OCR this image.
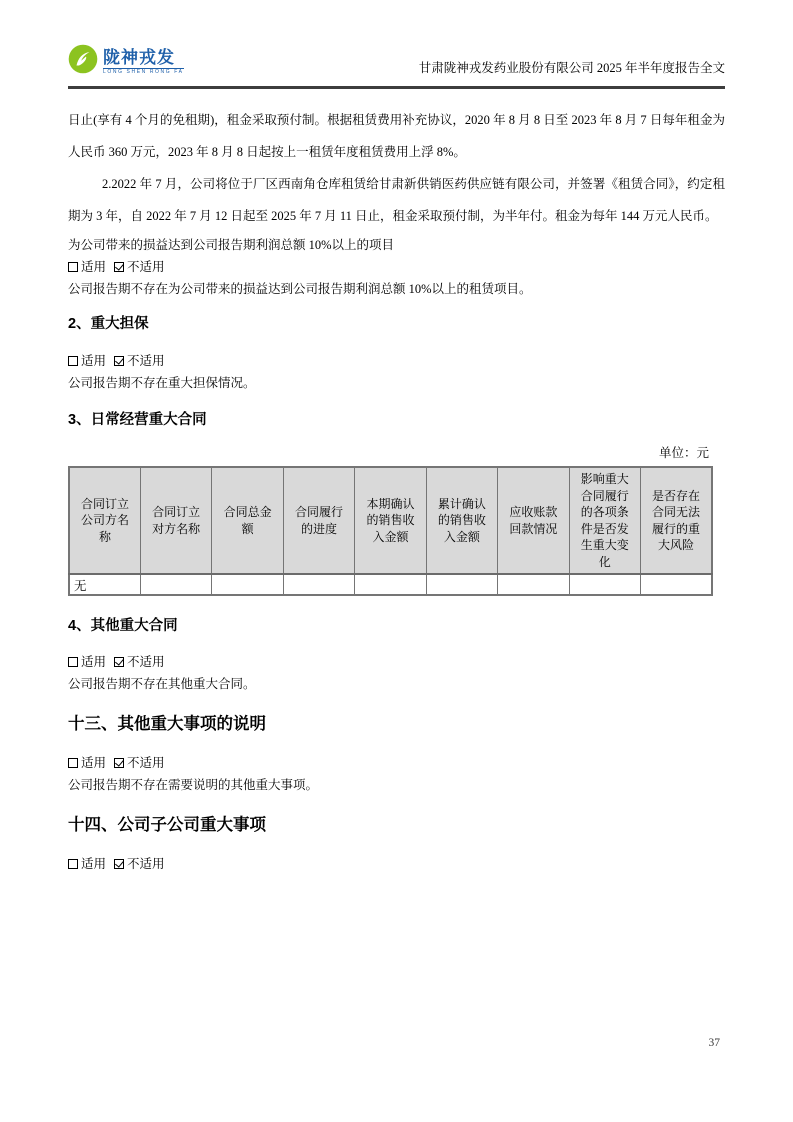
陇神戎发
LONG SHEN RONG FA	甘肃陇神戎发药业股份有限公司 2025 年半年度报告全文

日止(享有 4 个月的免租期)，租金采取预付制。根据租赁费用补充协议，2020 年 8 月 8 日至 2023 年 8 月 7 日每年租金为人民币 360 万元，2023 年 8 月 8 日起按上一租赁年度租赁费用上浮 8%。

2.2022 年 7 月，公司将位于厂区西南角仓库租赁给甘肃新供销医药供应链有限公司，并签署《租赁合同》，约定租期为 3 年，自 2022 年 7 月 12 日起至 2025 年 7 月 11 日止，租金采取预付制，为半年付。租金为每年 144 万元人民币。

为公司带来的损益达到公司报告期利润总额 10%以上的项目
适用 不适用
公司报告期不存在为公司带来的损益达到公司报告期利润总额 10%以上的租赁项目。
2、重大担保
适用 不适用
公司报告期不存在重大担保情况。
3、日常经营重大合同
单位：元
合同订立公司方名称	合同订立对方名称	合同总金额	合同履行的进度	本期确认的销售收入金额	累计确认的销售收入金额	应收账款回款情况	影响重大合同履行的各项条件是否发生重大变化	是否存在合同无法履行的重大风险
无								
4、其他重大合同
适用 不适用
公司报告期不存在其他重大合同。
十三、其他重大事项的说明
适用 不适用
公司报告期不存在需要说明的其他重大事项。
十四、公司子公司重大事项
适用 不适用
37
